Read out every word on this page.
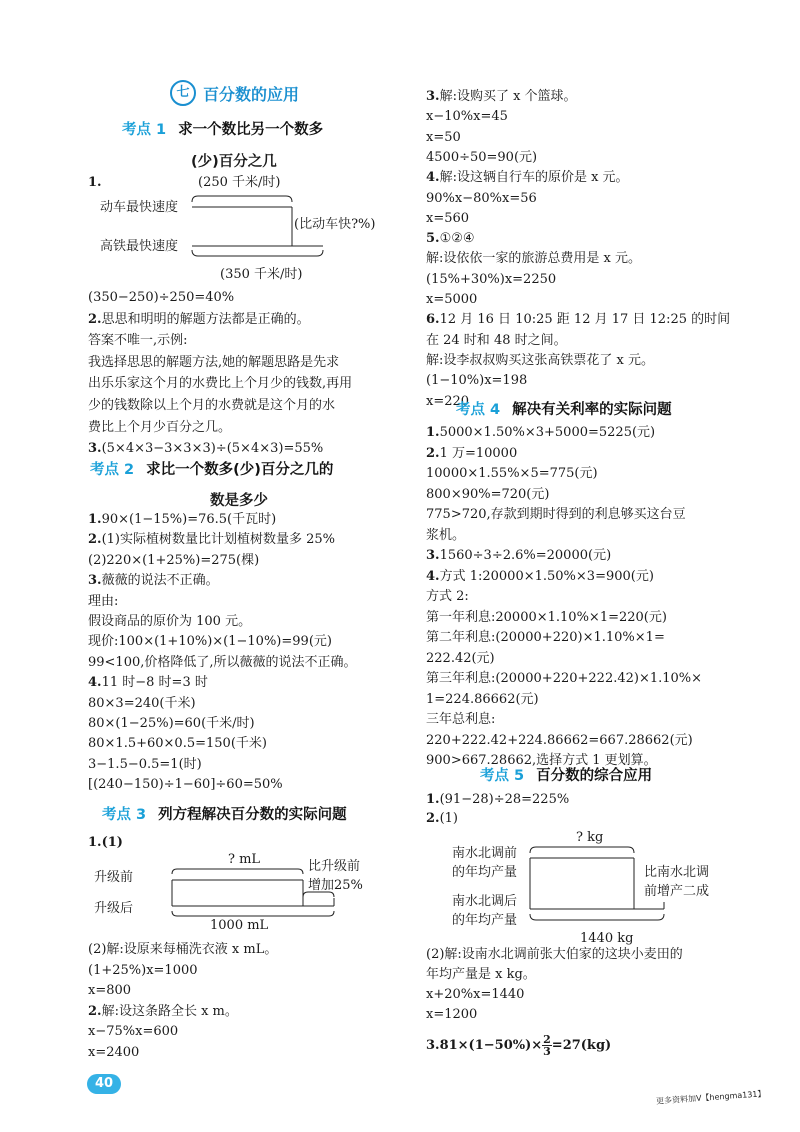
七 百分数的应用
考点 1 求一个数比另一个数多
(少)百分之几
1.	(250 千米/时)
动车最快速度
高铁最快速度
(比动车快?%)
(350 千米/时)
(350−250)÷250=40%
2.思思和明明的解题方法都是正确的。
答案不唯一,示例:
我选择思思的解题方法,她的解题思路是先求
出乐乐家这个月的水费比上个月少的钱数,再用
少的钱数除以上个月的水费就是这个月的水
费比上个月少百分之几。
3.(5×4×3−3×3×3)÷(5×4×3)=55%
考点 2 求比一个数多(少)百分之几的
数是多少
1.90×(1−15%)=76.5(千瓦时)
2.(1)实际植树数量比计划植树数量多 25%
(2)220×(1+25%)=275(棵)
3.薇薇的说法不正确。
理由:
假设商品的原价为 100 元。
现价:100×(1+10%)×(1−10%)=99(元)
99<100,价格降低了,所以薇薇的说法不正确。
4.11 时−8 时=3 时
80×3=240(千米)
80×(1−25%)=60(千米/时)
80×1.5+60×0.5=150(千米)
3−1.5−0.5=1(时)
[(240−150)÷1−60]÷60=50%
考点 3 列方程解决百分数的实际问题
1.(1)
? mL
升级前
升级后
比升级前
增加25%
1000 mL
(2)解:设原来每桶洗衣液 x mL。
(1+25%)x=1000
x=800
2.解:设这条路全长 x m。
x−75%x=600
x=2400
3.解:设购买了 x 个篮球。
x−10%x=45
x=50
4500÷50=90(元)
4.解:设这辆自行车的原价是 x 元。
90%x−80%x=56
x=560
5.①②④
解:设依依一家的旅游总费用是 x 元。
(15%+30%)x=2250
x=5000
6.12 月 16 日 10:25 距 12 月 17 日 12:25 的时间
在 24 时和 48 时之间。
解:设李叔叔购买这张高铁票花了 x 元。
(1−10%)x=198
x=220
考点 4 解决有关利率的实际问题
1.5000×1.50%×3+5000=5225(元)
2.1 万=10000
10000×1.55%×5=775(元)
800×90%=720(元)
775>720,存款到期时得到的利息够买这台豆
浆机。
3.1560÷3÷2.6%=20000(元)
4.方式 1:20000×1.50%×3=900(元)
方式 2:
第一年利息:20000×1.10%×1=220(元)
第二年利息:(20000+220)×1.10%×1=
222.42(元)
第三年利息:(20000+220+222.42)×1.10%×
1=224.86662(元)
三年总利息:
220+222.42+224.86662=667.28662(元)
900>667.28662,选择方式 1 更划算。
考点 5 百分数的综合应用
1.(91−28)÷28=225%
2.(1)
? kg
南水北调前
的年均产量
南水北调后
的年均产量
比南水北调
前增产二成
1440 kg
(2)解:设南水北调前张大伯家的这块小麦田的
年均产量是 x kg。
x+20%x=1440
x=1200
$3.81\times(1-50\%)\times \frac{2}{3} =27(kg)$
40
更多资料加V【hengma131】
